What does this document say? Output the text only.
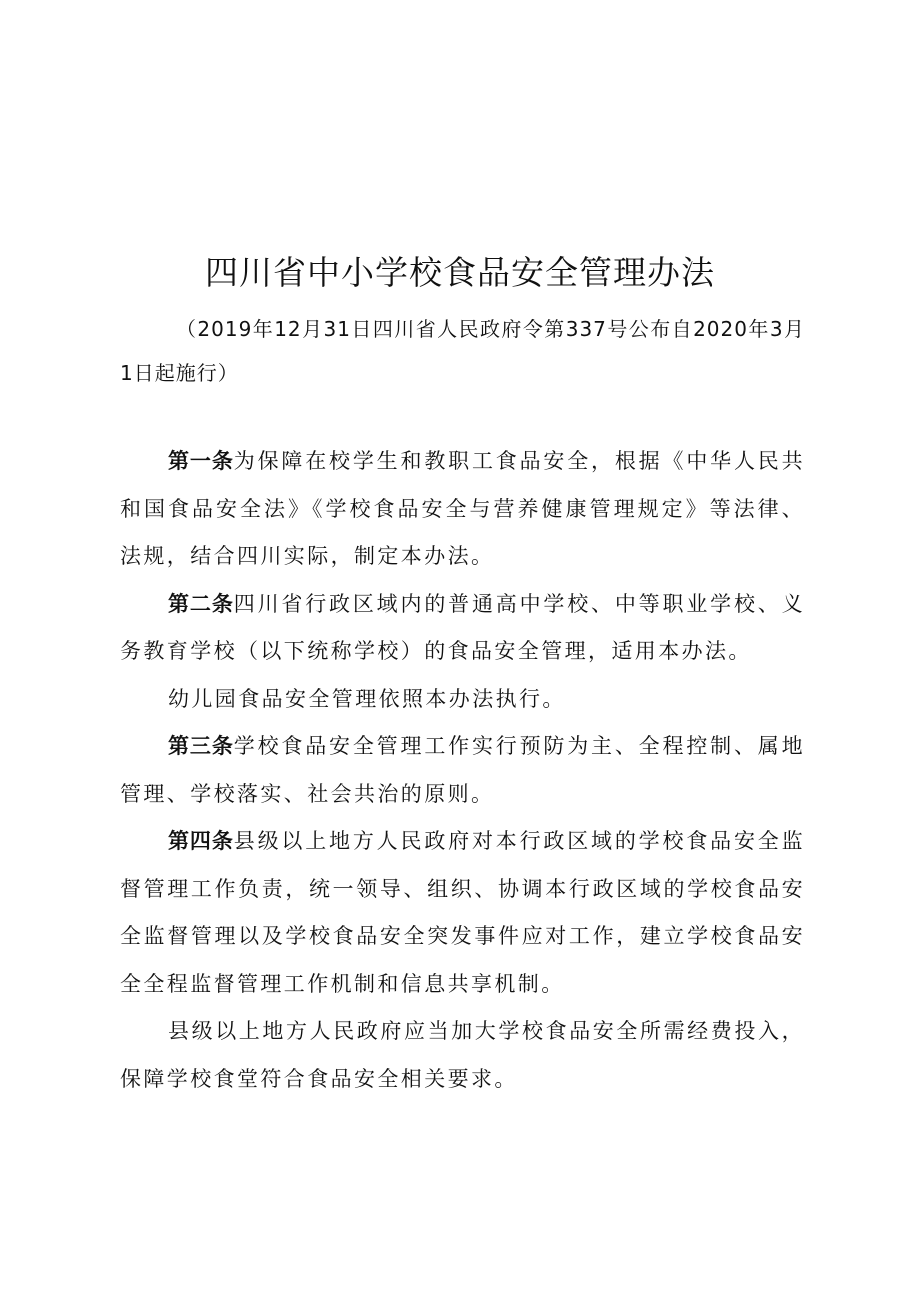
四川省中小学校食品安全管理办法
（2019年12月31日四川省人民政府令第337号公布自2020年3月1日起施行）

第一条为保障在校学生和教职工食品安全，根据《中华人民共和国食品安全法》《学校食品安全与营养健康管理规定》等法律、法规，结合四川实际，制定本办法。

第二条四川省行政区域内的普通高中学校、中等职业学校、义务教育学校（以下统称学校）的食品安全管理，适用本办法。

幼儿园食品安全管理依照本办法执行。

第三条学校食品安全管理工作实行预防为主、全程控制、属地管理、学校落实、社会共治的原则。

第四条县级以上地方人民政府对本行政区域的学校食品安全监督管理工作负责，统一领导、组织、协调本行政区域的学校食品安全监督管理以及学校食品安全突发事件应对工作，建立学校食品安全全程监督管理工作机制和信息共享机制。

县级以上地方人民政府应当加大学校食品安全所需经费投入，保障学校食堂符合食品安全相关要求。
